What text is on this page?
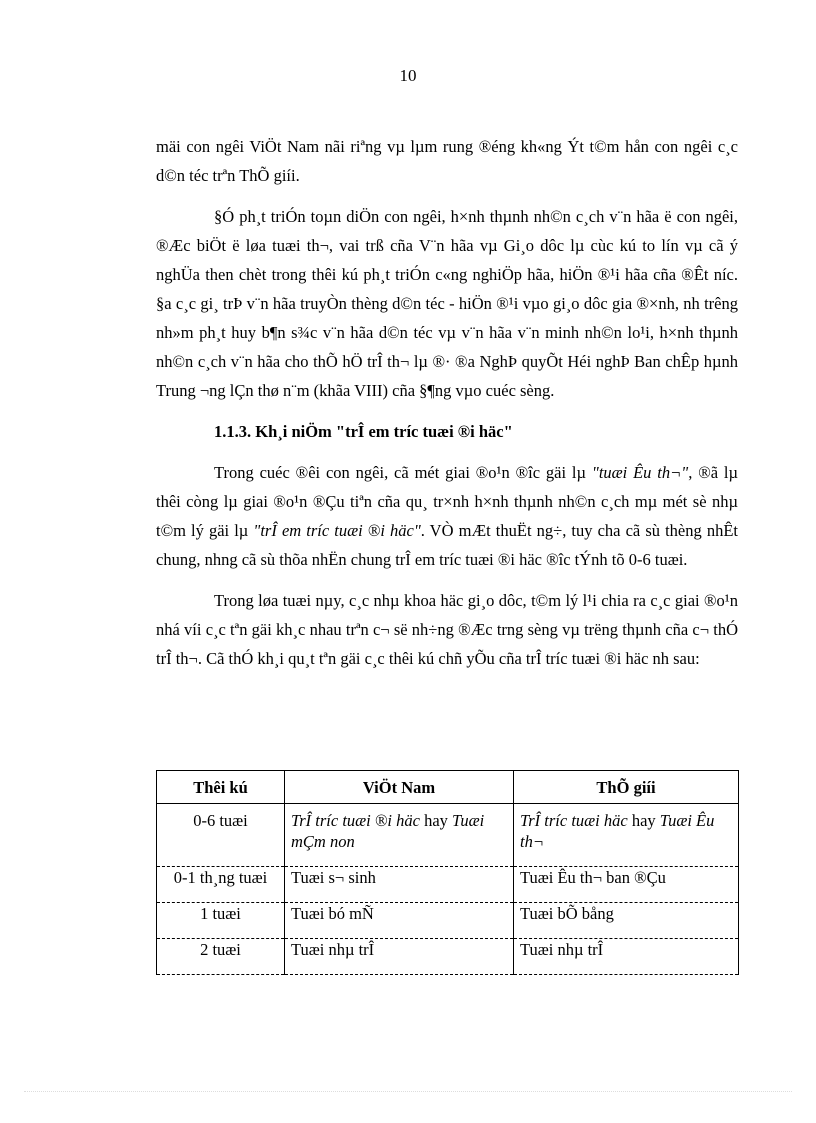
10

mäi con ngêi ViÖt Nam nãi riªng vµ lµm rung ®éng kh«ng Ýt t©m hån con ngêi c¸c d©n téc trªn ThÕ giíi.

§Ó ph¸t triÓn toµn diÖn con ngêi, h×nh thµnh nh©n c¸ch v¨n hãa ë con ngêi, ®Æc biÖt ë løa tuæi th¬, vai trß cña V¨n hãa vµ Gi¸o dôc lµ cùc kú to lín vµ cã ý nghÜa then chèt trong thêi kú ph¸t triÓn c«ng nghiÖp hãa, hiÖn ®¹i hãa cña ®Êt níc. §a c¸c gi¸ trÞ v¨n hãa truyÒn thèng d©n téc - hiÖn ®¹i vµo gi¸o dôc gia ®×nh, nh trêng nh»m ph¸t huy b¶n s¾c v¨n hãa d©n téc vµ v¨n hãa v¨n minh nh©n lo¹i, h×nh thµnh nh©n c¸ch v¨n hãa cho thÕ hÖ trÎ th¬ lµ ®· ®a NghÞ quyÕt Héi nghÞ Ban chÊp hµnh Trung ¬ng lÇn thø n¨m (khãa VIII) cña §¶ng vµo cuéc sèng.

1.1.3. Kh¸i niÖm "trÎ em tríc tuæi ®i häc"

Trong cuéc ®êi con ngêi, cã mét giai ®o¹n ®îc gäi lµ "tuæi Êu th¬", ®ã lµ thêi còng lµ giai ®o¹n ®Çu tiªn cña qu¸ tr×nh h×nh thµnh nh©n c¸ch mµ mét sè nhµ t©m lý gäi lµ "trÎ em tríc tuæi ®i häc". VÒ mÆt thuËt ng÷, tuy cha cã sù thèng nhÊt chung, nhng cã sù thõa nhËn chung trÎ em tríc tuæi ®i häc ®îc tÝnh tõ 0-6 tuæi.

Trong løa tuæi nµy, c¸c nhµ khoa häc gi¸o dôc, t©m lý l¹i chia ra c¸c giai ®o¹n nhá víi c¸c tªn gäi kh¸c nhau trªn c¬ së nh÷ng ®Æc trng sèng vµ trëng thµnh cña c¬ thÓ trÎ th¬. Cã thÓ kh¸i qu¸t tªn gäi c¸c thêi kú chñ yÕu cña trÎ tríc tuæi ®i häc nh sau:

Thêi kú	ViÖt Nam	ThÕ giíi
0-6 tuæi	TrÎ tríc tuæi ®i häc hay Tuæi mÇm non	TrÎ tríc tuæi häc hay Tuæi Êu th¬
0-1 th¸ng tuæi	Tuæi s¬ sinh	Tuæi Êu th¬ ban ®Çu
1 tuæi	Tuæi bó mÑ	Tuæi bÕ bång
2 tuæi	Tuæi nhµ trÎ	Tuæi nhµ trÎ
